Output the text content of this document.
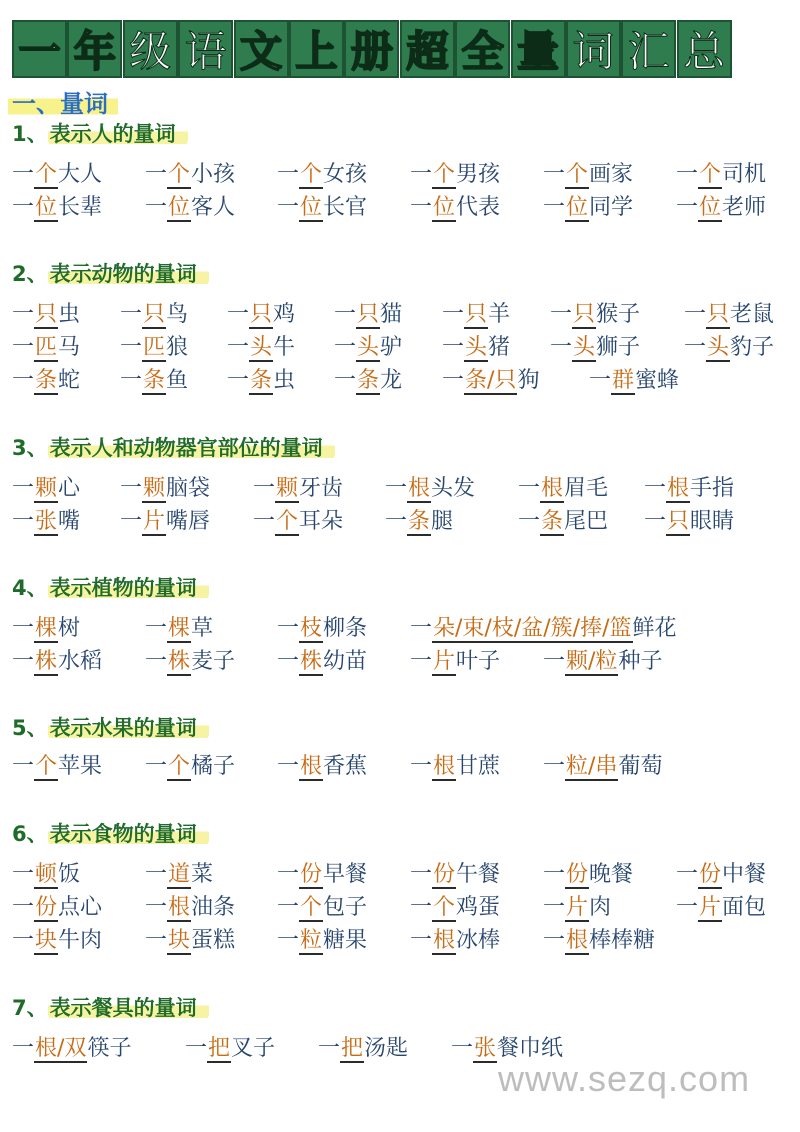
一 年 级 语 文 上 册 超 全 量 词 汇 总
一、量词
1、表示人的量词
一个大人 一个小孩 一个女孩 一个男孩 一个画家 一个司机
一位长辈 一位客人 一位长官 一位代表 一位同学 一位老师
2、表示动物的量词
一只虫 一只鸟 一只鸡 一只猫 一只羊 一只猴子 一只老鼠
一匹马 一匹狼 一头牛 一头驴 一头猪 一头狮子 一头豹子
一条蛇 一条鱼 一条虫 一条龙 一条/只狗 一群蜜蜂
3、表示人和动物器官部位的量词
一颗心 一颗脑袋 一颗牙齿 一根头发 一根眉毛 一根手指
一张嘴 一片嘴唇 一个耳朵 一条腿	一条尾巴 一只眼睛
4、表示植物的量词
一棵树	一棵草	一枝柳条 一朵/束/枝/盆/簇/捧/篮鲜花
一株水稻 一株麦子 一株幼苗 一片叶子 一颗/粒种子
5、表示水果的量词
一个苹果 一个橘子 一根香蕉 一根甘蔗 一粒/串葡萄
6、表示食物的量词
一顿饭	一道菜	一份早餐 一份午餐 一份晚餐 一份中餐
一份点心 一根油条 一个包子 一个鸡蛋 一片肉	一片面包
一块牛肉 一块蛋糕 一粒糖果 一根冰棒 一根棒棒糖
7、表示餐具的量词
一根/双筷子 一把叉子 一把汤匙 一张餐巾纸
www.sezq.com
